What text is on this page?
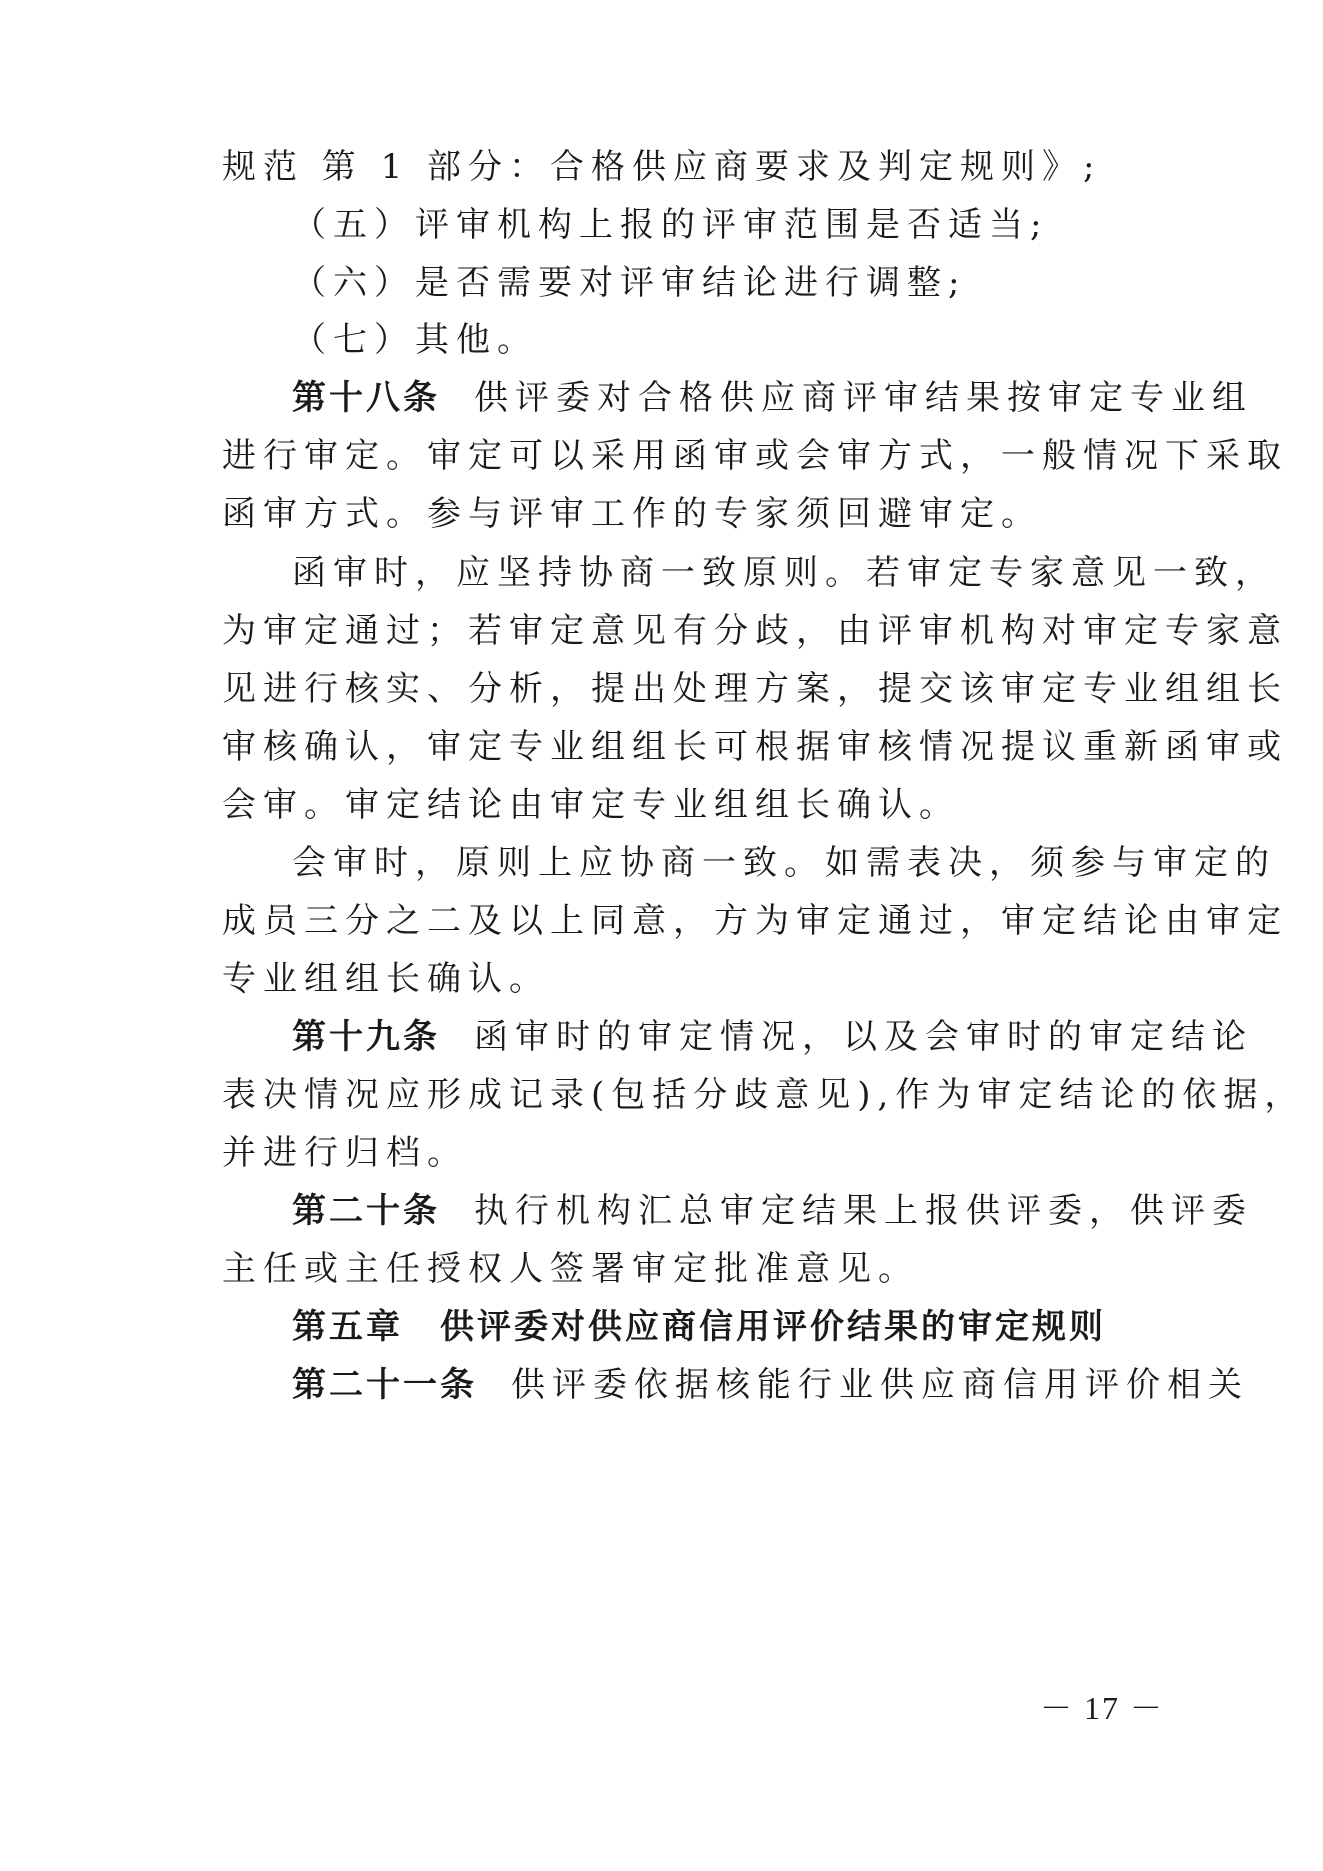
规范 第 1 部分：合格供应商要求及判定规则》;
（五）评审机构上报的评审范围是否适当;
（六）是否需要对评审结论进行调整;
（七）其他。
第十八条 供评委对合格供应商评审结果按审定专业组
进行审定。审定可以采用函审或会审方式，一般情况下采取
函审方式。参与评审工作的专家须回避审定。
函审时，应坚持协商一致原则。若审定专家意见一致，
为审定通过；若审定意见有分歧，由评审机构对审定专家意
见进行核实、分析，提出处理方案，提交该审定专业组组长
审核确认，审定专业组组长可根据审核情况提议重新函审或
会审。审定结论由审定专业组组长确认。
会审时，原则上应协商一致。如需表决，须参与审定的
成员三分之二及以上同意，方为审定通过，审定结论由审定
专业组组长确认。
第十九条 函审时的审定情况，以及会审时的审定结论
表决情况应形成记录(包括分歧意见),作为审定结论的依据，
并进行归档。
第二十条 执行机构汇总审定结果上报供评委，供评委
主任或主任授权人签署审定批准意见。
第五章　供评委对供应商信用评价结果的审定规则
第二十一条 供评委依据核能行业供应商信用评价相关
－ 17 －
